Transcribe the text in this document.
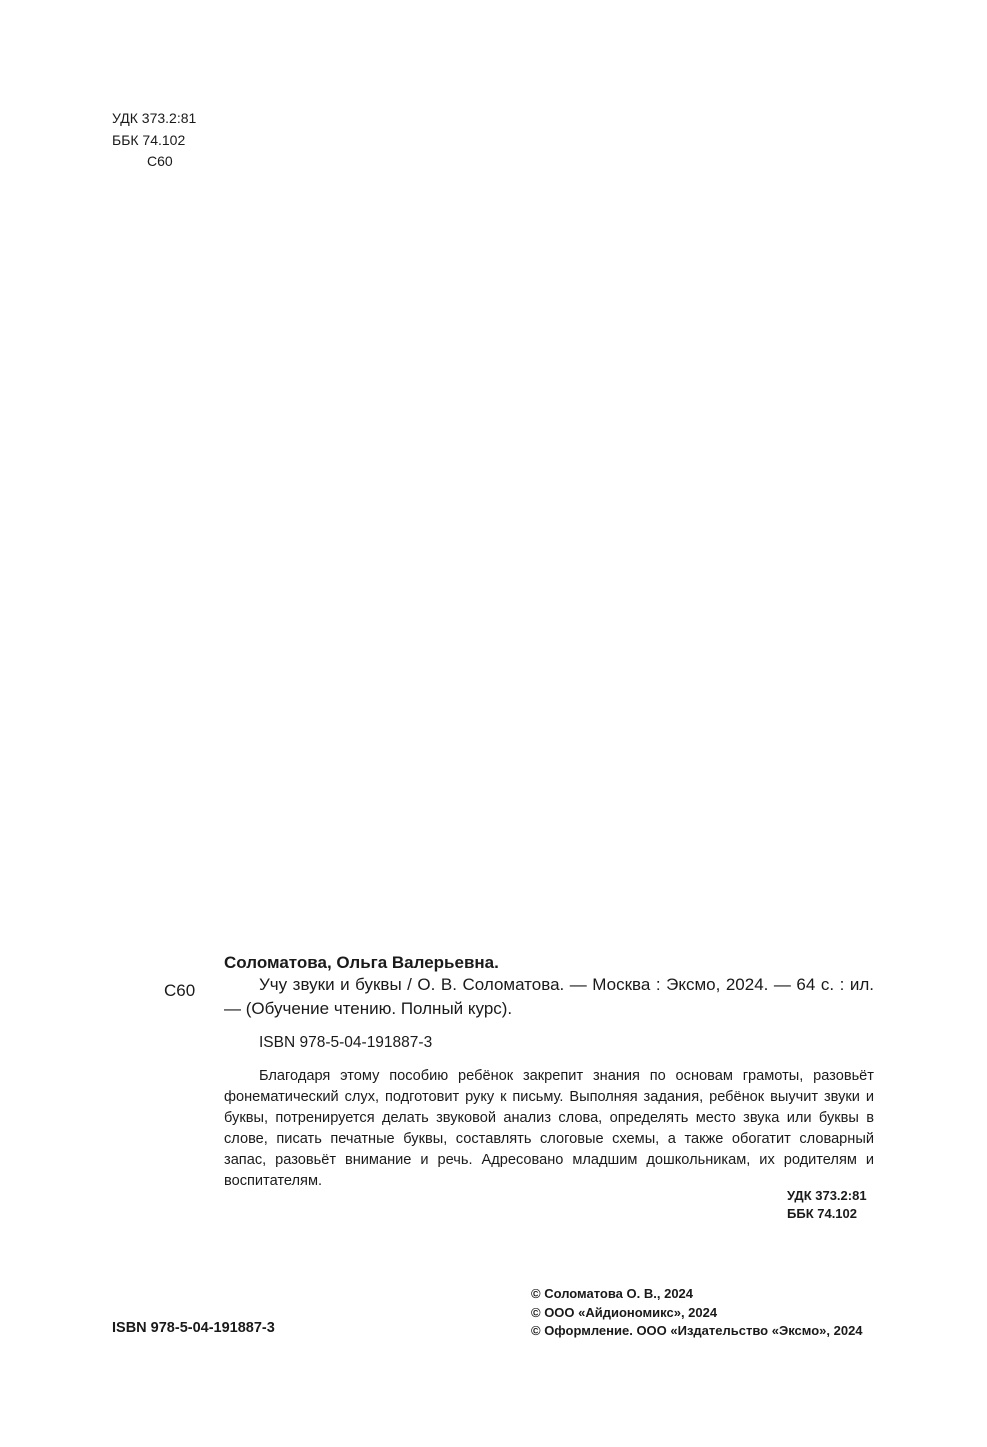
УДК 373.2:81
ББК 74.102
С60
Соломатова, Ольга Валерьевна.
С60	Учу звуки и буквы / О. В. Соломатова. — Москва : Эксмо, 2024. — 64 с. : ил. — (Обучение чтению. Полный курс).

ISBN 978-5-04-191887-3

Благодаря этому пособию ребёнок закрепит знания по основам грамоты, разовьёт фонематический слух, подготовит руку к письму. Выполняя задания, ребёнок выучит звуки и буквы, потренируется делать звуковой анализ слова, определять место звука или буквы в слове, писать печатные буквы, составлять слоговые схемы, а также обогатит словарный запас, разовьёт внимание и речь. Адресовано младшим дошкольникам, их родителям и воспитателям.

УДК 373.2:81
ББК 74.102
ISBN 978-5-04-191887-3
© Соломатова О. В., 2024
© ООО «Айдиономикс», 2024
© Оформление. ООО «Издательство «Эксмо», 2024
